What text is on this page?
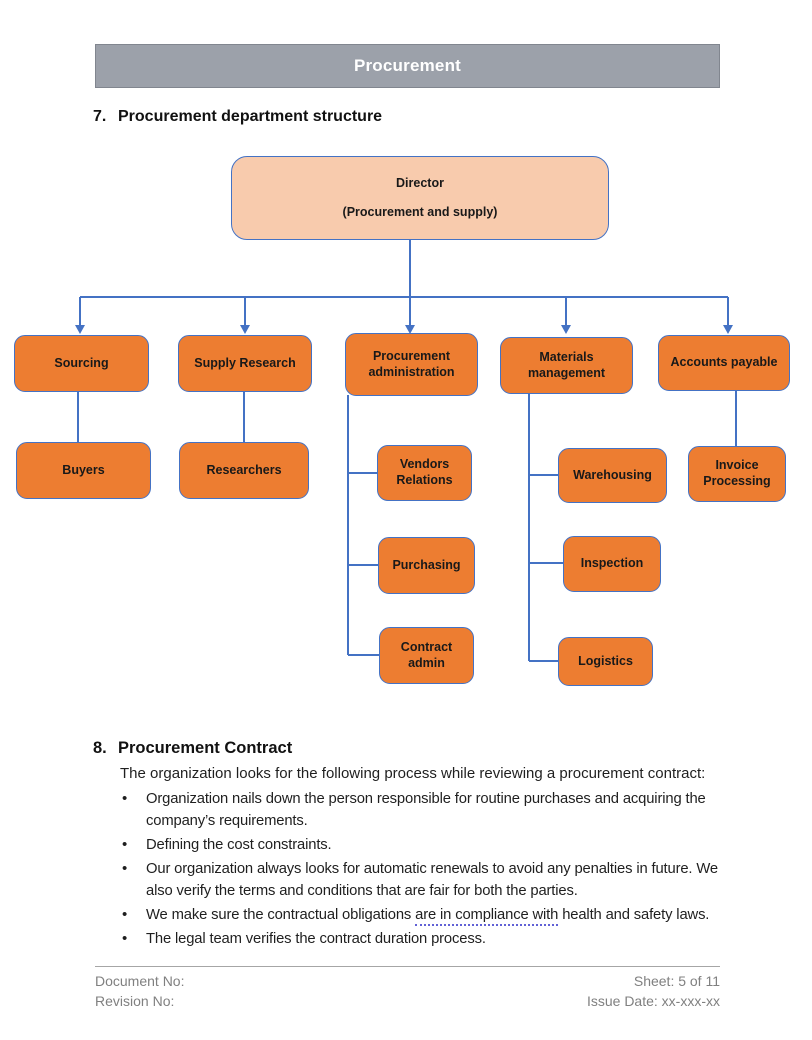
Procurement
7. Procurement department structure
Director
(Procurement and supply)
Sourcing	Supply Research	Procurement administration
Materials management
Accounts payable
Buyers	Researchers	Vendors Relations
Purchasing
Contract admin
Warehousing
Inspection
Logistics
Invoice Processing
8. Procurement Contract

The organization looks for the following process while reviewing a procurement contract:

• Organization nails down the person responsible for routine purchases and acquiring the company’s requirements.
• Defining the cost constraints.
• Our organization always looks for automatic renewals to avoid any penalties in future. We also verify the terms and conditions that are fair for both the parties.
• We make sure the contractual obligations are in compliance with health and safety laws.
• The legal team verifies the contract duration process.
Document No:
Revision No:
Sheet: 5 of 11
Issue Date: xx-xxx-xx
